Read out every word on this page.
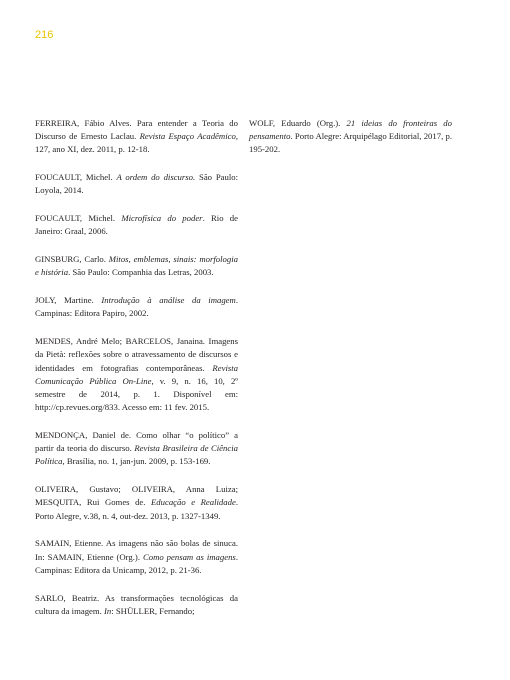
216

FERREIRA, Fábio Alves. Para entender a Teoria do Discurso de Ernesto Laclau. Revista Espaço Acadêmico, 127, ano XI, dez. 2011, p. 12-18.

FOUCAULT, Michel. A ordem do discurso. São Paulo: Loyola, 2014.

FOUCAULT, Michel. Microfísica do poder. Rio de Janeiro: Graal, 2006.

GINSBURG, Carlo. Mitos, emblemas, sinais: morfologia e história. São Paulo: Companhia das Letras, 2003.

JOLY, Martine. Introdução à análise da imagem. Campinas: Editora Papiro, 2002.

MENDES, André Melo; BARCELOS, Janaina. Imagens da Pietà: reflexões sobre o atravessamento de discursos e identidades em fotografias contemporâneas. Revista Comunicação Pública On-Line, v. 9, n. 16, 10, 2º semestre de 2014, p. 1. Disponível em: http://cp.revues.org/833. Acesso em: 11 fev. 2015.

MENDONÇA, Daniel de. Como olhar “o político” a partir da teoria do discurso. Revista Brasileira de Ciência Política, Brasília, no. 1, jan-jun. 2009, p. 153-169.

OLIVEIRA, Gustavo; OLIVEIRA, Anna Luiza; MESQUITA, Rui Gomes de. Educação e Realidade. Porto Alegre, v.38, n. 4, out-dez. 2013, p. 1327-1349.

SAMAIN, Etienne. As imagens não são bolas de sinuca. In: SAMAIN, Etienne (Org.). Como pensam as imagens. Campinas: Editora da Unicamp, 2012, p. 21-36.

SARLO, Beatriz. As transformações tecnológicas da cultura da imagem. In: SHÜLLER, Fernando;

WOLF, Eduardo (Org.). 21 ideias do fronteiras do pensamento. Porto Alegre: Arquipélago Editorial, 2017, p. 195-202.
